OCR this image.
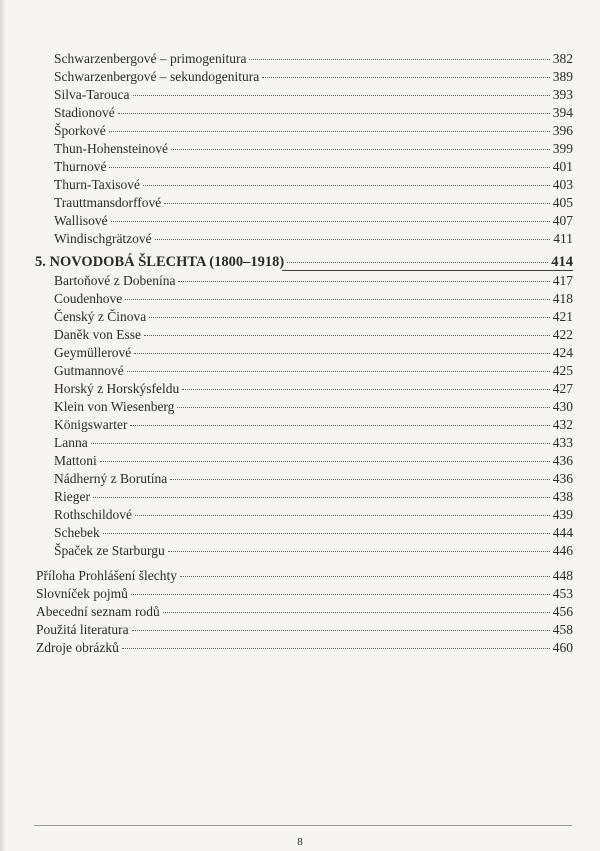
Schwarzenbergové – primogenitura	382
Schwarzenbergové – sekundogenitura	389
Silva-Tarouca	393
Stadionové	394
Šporkové	396
Thun-Hohensteinové	399
Thurnové	401
Thurn-Taxisové	403
Trauttmansdorffové	405
Wallisové	407
Windischgrätzové	411
5. NOVODOBÁ ŠLECHTA (1800–1918)	414
Bartoňové z Dobenína	417
Coudenhove	418
Čenský z Činova	421
Daněk von Esse	422
Geymüllerové	424
Gutmannové	425
Horský z Horskýsfeldu	427
Klein von Wiesenberg	430
Königswarter	432
Lanna	433
Mattoni	436
Nádherný z Borutína	436
Rieger	438
Rothschildové	439
Schebek	444
Špaček ze Starburgu	446
Příloha Prohlášení šlechty	448
Slovníček pojmů	453
Abecední seznam rodů	456
Použitá literatura	458
Zdroje obrázků	460
8
